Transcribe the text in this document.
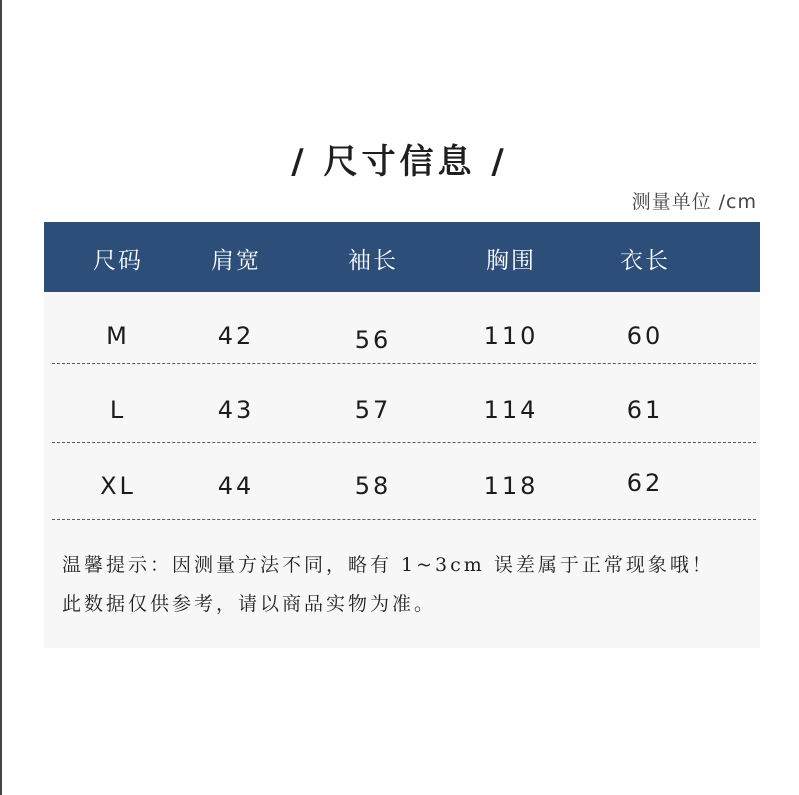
/ 尺寸信息 /
测量单位 /cm
尺码	肩宽	袖长	胸围	衣长
M	42	56	110	60
L	43	57	114	61
XL	44	58	118	62
温馨提示：因测量方法不同，略有 1~3cm 误差属于正常现象哦！
此数据仅供参考，请以商品实物为准。
